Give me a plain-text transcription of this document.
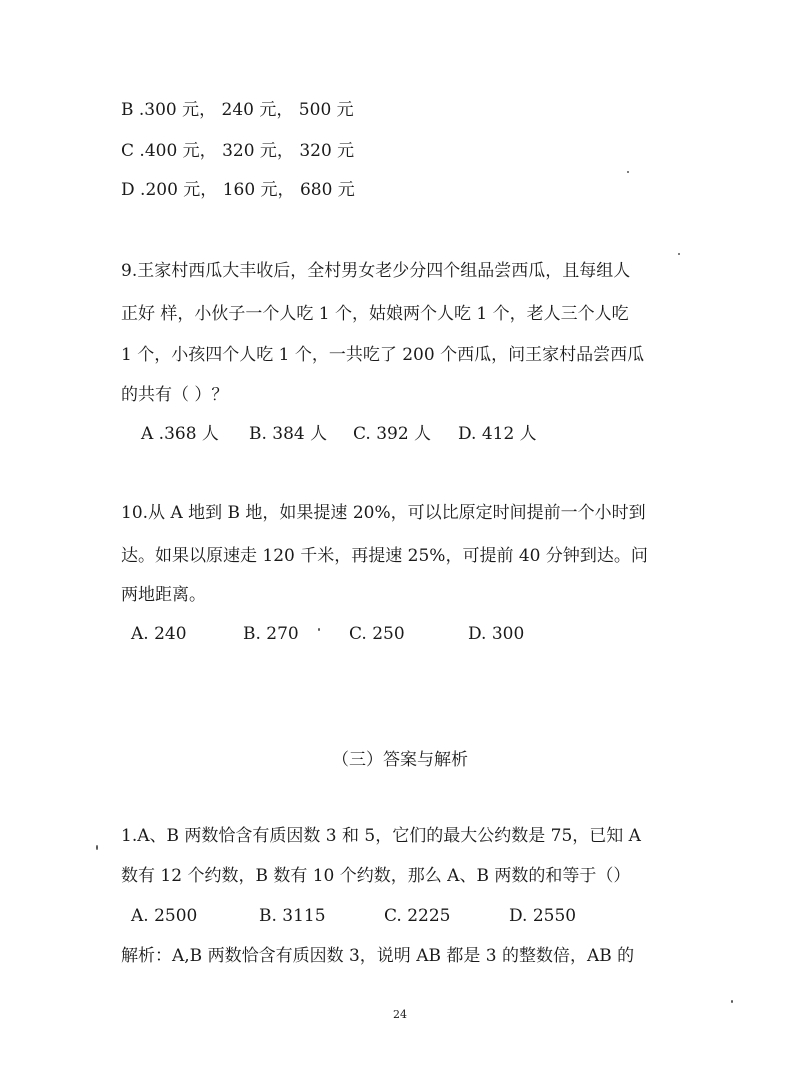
B .300 元， 240 元， 500 元
C .400 元， 320 元， 320 元
D .200 元， 160 元， 680 元
9.王家村西瓜大丰收后，全村男女老少分四个组品尝西瓜，且每组人
正好 样，小伙子一个人吃 1 个，姑娘两个人吃 1 个，老人三个人吃
1 个，小孩四个人吃 1 个，一共吃了 200 个西瓜，问王家村品尝西瓜
的共有（ ）？
A .368 人 B. 384 人 C. 392 人 D. 412 人
10.从 A 地到 B 地，如果提速 20%，可以比原定时间提前一个小时到
达。如果以原速走 120 千米，再提速 25%，可提前 40 分钟到达。问
两地距离。
A. 240	B. 270	C. 250	D. 300
（三）答案与解析
1.A、B 两数恰含有质因数 3 和 5，它们的最大公约数是 75，已知 A
数有 12 个约数，B 数有 10 个约数，那么 A、B 两数的和等于（）
A. 2500	B. 3115	C. 2225	D. 2550
解析：A,B 两数恰含有质因数 3，说明 AB 都是 3 的整数倍，AB 的
24
